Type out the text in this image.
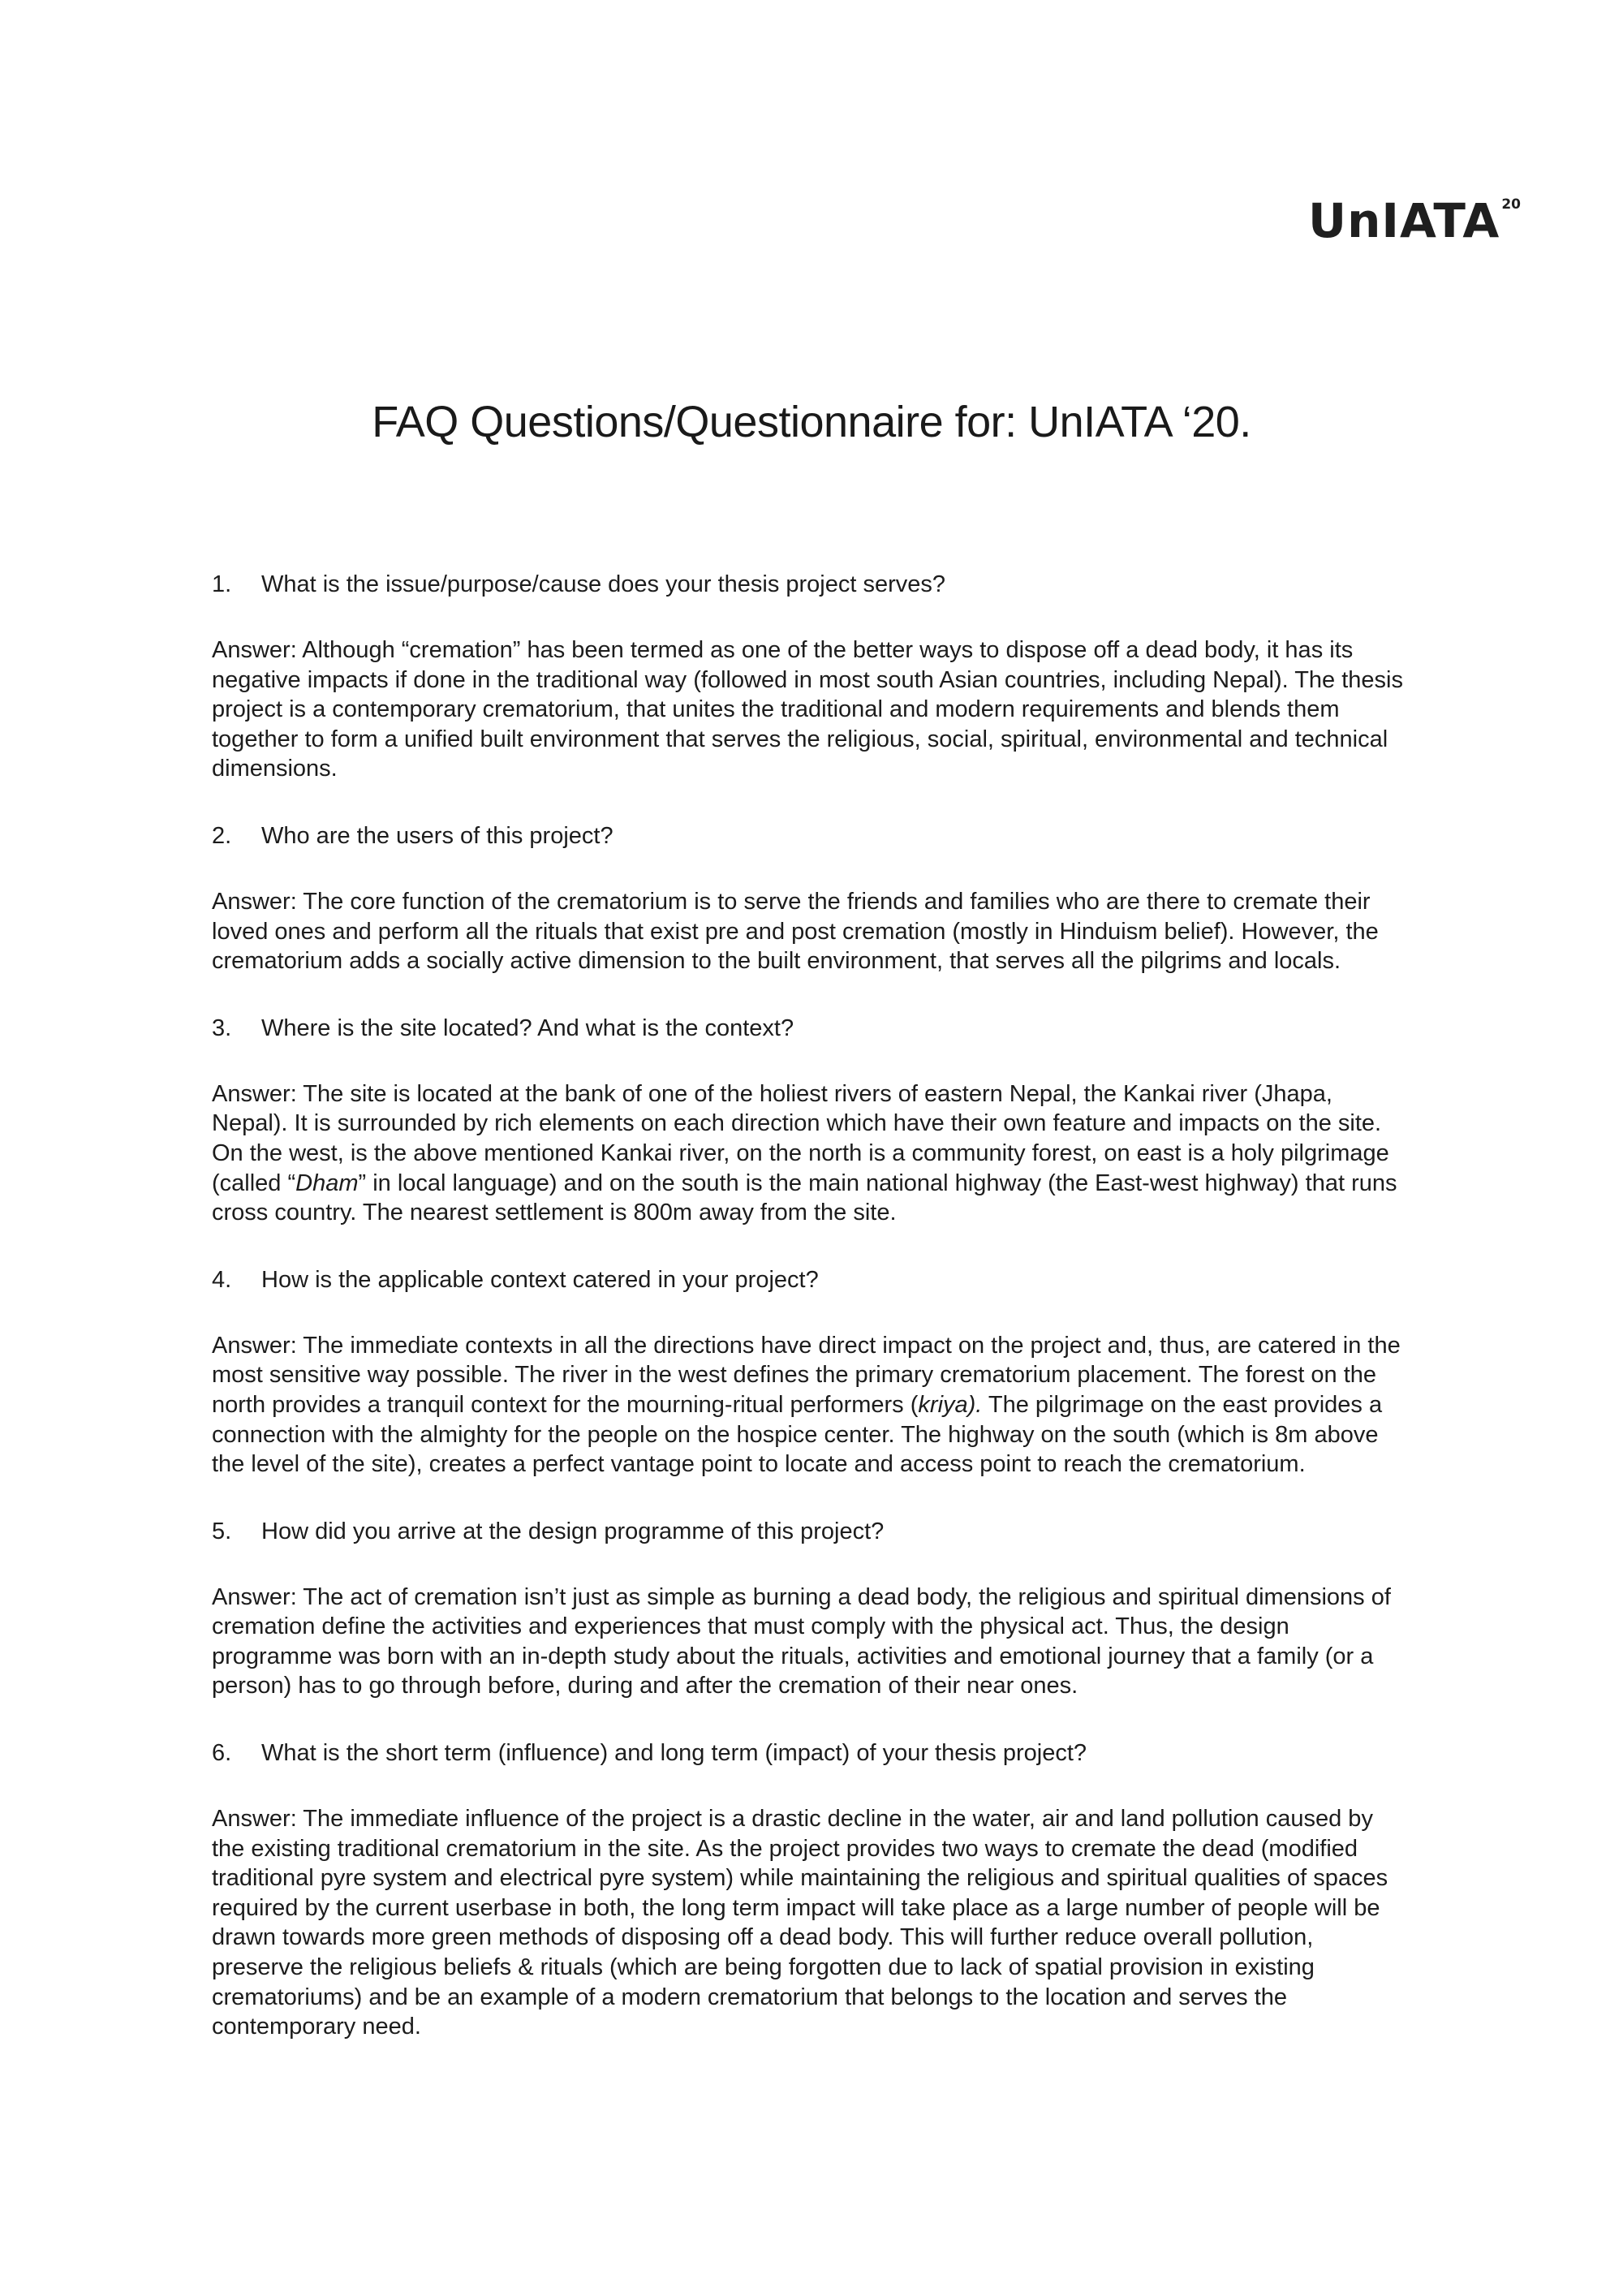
UnIATA 20
FAQ Questions/Questionnaire for: UnIATA ‘20.
1.	What is the issue/purpose/cause does your thesis project serves?

Answer: Although “cremation” has been termed as one of the better ways to dispose off a dead body, it has its negative impacts if done in the traditional way (followed in most south Asian countries, including Nepal). The thesis project is a contemporary crematorium, that unites the traditional and modern requirements and blends them together to form a unified built environment that serves the religious, social, spiritual, environmental and technical dimensions.

2.	Who are the users of this project?

Answer: The core function of the crematorium is to serve the friends and families who are there to cremate their loved ones and perform all the rituals that exist pre and post cremation (mostly in Hinduism belief). However, the crematorium adds a socially active dimension to the built environment, that serves all the pilgrims and locals.

3.	Where is the site located? And what is the context?

Answer: The site is located at the bank of one of the holiest rivers of eastern Nepal, the Kankai river (Jhapa, Nepal). It is surrounded by rich elements on each direction which have their own feature and impacts on the site. On the west, is the above mentioned Kankai river, on the north is a community forest, on east is a holy pilgrimage (called “Dham” in local language) and on the south is the main national highway (the East-west highway) that runs cross country. The nearest settlement is 800m away from the site.

4.	How is the applicable context catered in your project?

Answer: The immediate contexts in all the directions have direct impact on the project and, thus, are catered in the most sensitive way possible. The river in the west defines the primary crematorium placement. The forest on the north provides a tranquil context for the mourning-ritual performers (kriya). The pilgrimage on the east provides a connection with the almighty for the people on the hospice center. The highway on the south (which is 8m above the level of the site), creates a perfect vantage point to locate and access point to reach the crematorium.

5.	How did you arrive at the design programme of this project?

Answer: The act of cremation isn’t just as simple as burning a dead body, the religious and spiritual dimensions of cremation define the activities and experiences that must comply with the physical act. Thus, the design programme was born with an in-depth study about the rituals, activities and emotional journey that a family (or a person) has to go through before, during and after the cremation of their near ones.

6.	What is the short term (influence) and long term (impact) of your thesis project?

Answer: The immediate influence of the project is a drastic decline in the water, air and land pollution caused by the existing traditional crematorium in the site. As the project provides two ways to cremate the dead (modified traditional pyre system and electrical pyre system) while maintaining the religious and spiritual qualities of spaces required by the current userbase in both, the long term impact will take place as a large number of people will be drawn towards more green methods of disposing off a dead body. This will further reduce overall pollution, preserve the religious beliefs & rituals (which are being forgotten due to lack of spatial provision in existing crematoriums) and be an example of a modern crematorium that belongs to the location and serves the contemporary need.
